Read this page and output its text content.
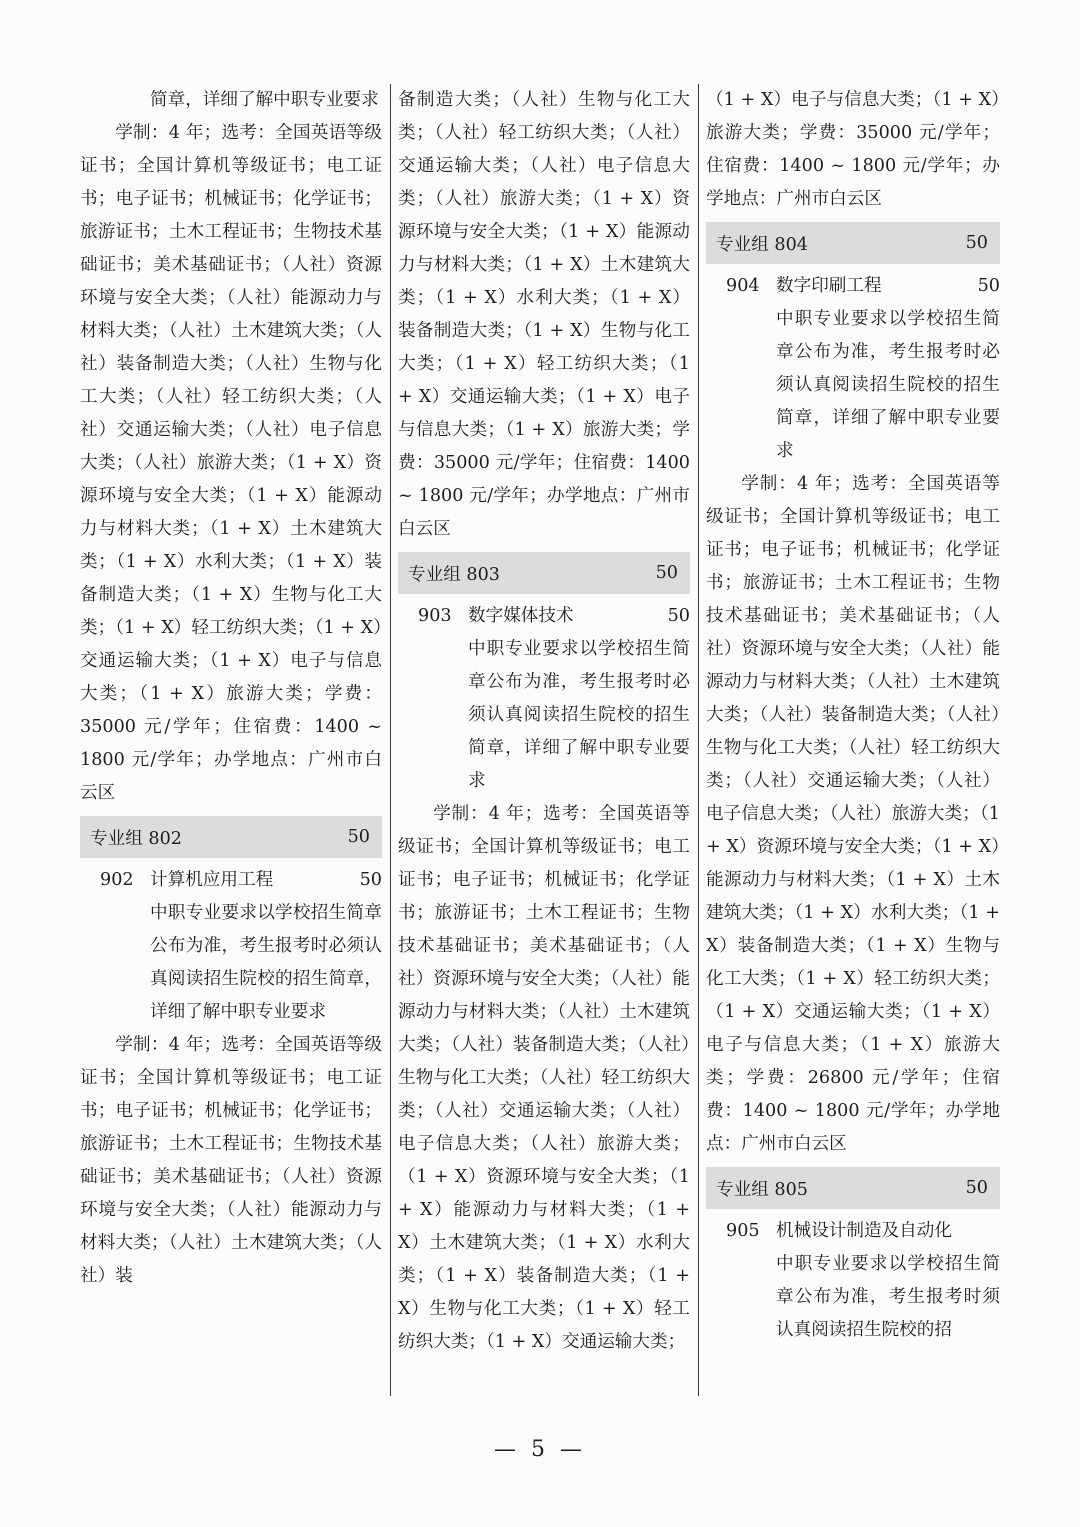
简章，详细了解中职专业要求

学制：4 年；选考：全国英语等级证书；全国计算机等级证书；电工证书；电子证书；机械证书；化学证书；旅游证书；土木工程证书；生物技术基础证书；美术基础证书；（人社）资源环境与安全大类；（人社）能源动力与材料大类；（人社）土木建筑大类；（人社）装备制造大类；（人社）生物与化工大类；（人社）轻工纺织大类；（人社）交通运输大类；（人社）电子信息大类；（人社）旅游大类；（1 + X）资源环境与安全大类；（1 + X）能源动力与材料大类；（1 + X）土木建筑大类；（1 + X）水利大类；（1 + X）装备制造大类；（1 + X）生物与化工大类；（1 + X）轻工纺织大类；（1 + X）交通运输大类；（1 + X）电子与信息大类；（1 + X）旅游大类；学费：35000 元/学年；住宿费：1400 ~ 1800 元/学年；办学地点：广州市白云区

专业组 802	50
902 计算机应用工程	50

中职专业要求以学校招生简章公布为准，考生报考时必须认真阅读招生院校的招生简章，详细了解中职专业要求

学制：4 年；选考：全国英语等级证书；全国计算机等级证书；电工证书；电子证书；机械证书；化学证书；旅游证书；土木工程证书；生物技术基础证书；美术基础证书；（人社）资源环境与安全大类；（人社）能源动力与材料大类；（人社）土木建筑大类；（人社）装

备制造大类；（人社）生物与化工大类；（人社）轻工纺织大类；（人社）交通运输大类；（人社）电子信息大类；（人社）旅游大类；（1 + X）资源环境与安全大类；（1 + X）能源动力与材料大类；（1 + X）土木建筑大类；（1 + X）水利大类；（1 + X）装备制造大类；（1 + X）生物与化工大类；（1 + X）轻工纺织大类；（1 + X）交通运输大类；（1 + X）电子与信息大类；（1 + X）旅游大类；学费：35000 元/学年；住宿费：1400 ~ 1800 元/学年；办学地点：广州市白云区

专业组 803	50
903 数字媒体技术	50

中职专业要求以学校招生简章公布为准，考生报考时必须认真阅读招生院校的招生简章，详细了解中职专业要求

学制：4 年；选考：全国英语等级证书；全国计算机等级证书；电工证书；电子证书；机械证书；化学证书；旅游证书；土木工程证书；生物技术基础证书；美术基础证书；（人社）资源环境与安全大类；（人社）能源动力与材料大类；（人社）土木建筑大类；（人社）装备制造大类；（人社）生物与化工大类；（人社）轻工纺织大类；（人社）交通运输大类；（人社）电子信息大类；（人社）旅游大类；（1 + X）资源环境与安全大类；（1 + X）能源动力与材料大类；（1 + X）土木建筑大类；（1 + X）水利大类；（1 + X）装备制造大类；（1 + X）生物与化工大类；（1 + X）轻工纺织大类；（1 + X）交通运输大类；

（1 + X）电子与信息大类；（1 + X）旅游大类；学费：35000 元/学年；住宿费：1400 ~ 1800 元/学年；办学地点：广州市白云区

专业组 804	50
904 数字印刷工程	50

中职专业要求以学校招生简章公布为准，考生报考时必须认真阅读招生院校的招生简章，详细了解中职专业要求

学制：4 年；选考：全国英语等级证书；全国计算机等级证书；电工证书；电子证书；机械证书；化学证书；旅游证书；土木工程证书；生物技术基础证书；美术基础证书；（人社）资源环境与安全大类；（人社）能源动力与材料大类；（人社）土木建筑大类；（人社）装备制造大类；（人社）生物与化工大类；（人社）轻工纺织大类；（人社）交通运输大类；（人社）电子信息大类；（人社）旅游大类；（1 + X）资源环境与安全大类；（1 + X）能源动力与材料大类；（1 + X）土木建筑大类；（1 + X）水利大类；（1 + X）装备制造大类；（1 + X）生物与化工大类；（1 + X）轻工纺织大类；（1 + X）交通运输大类；（1 + X）电子与信息大类；（1 + X）旅游大类；学费：26800 元/学年；住宿费：1400 ~ 1800 元/学年；办学地点：广州市白云区

专业组 805	50
905 机械设计制造及自动化

中职专业要求以学校招生简章公布为准，考生报考时须认真阅读招生院校的招

— 5 —
